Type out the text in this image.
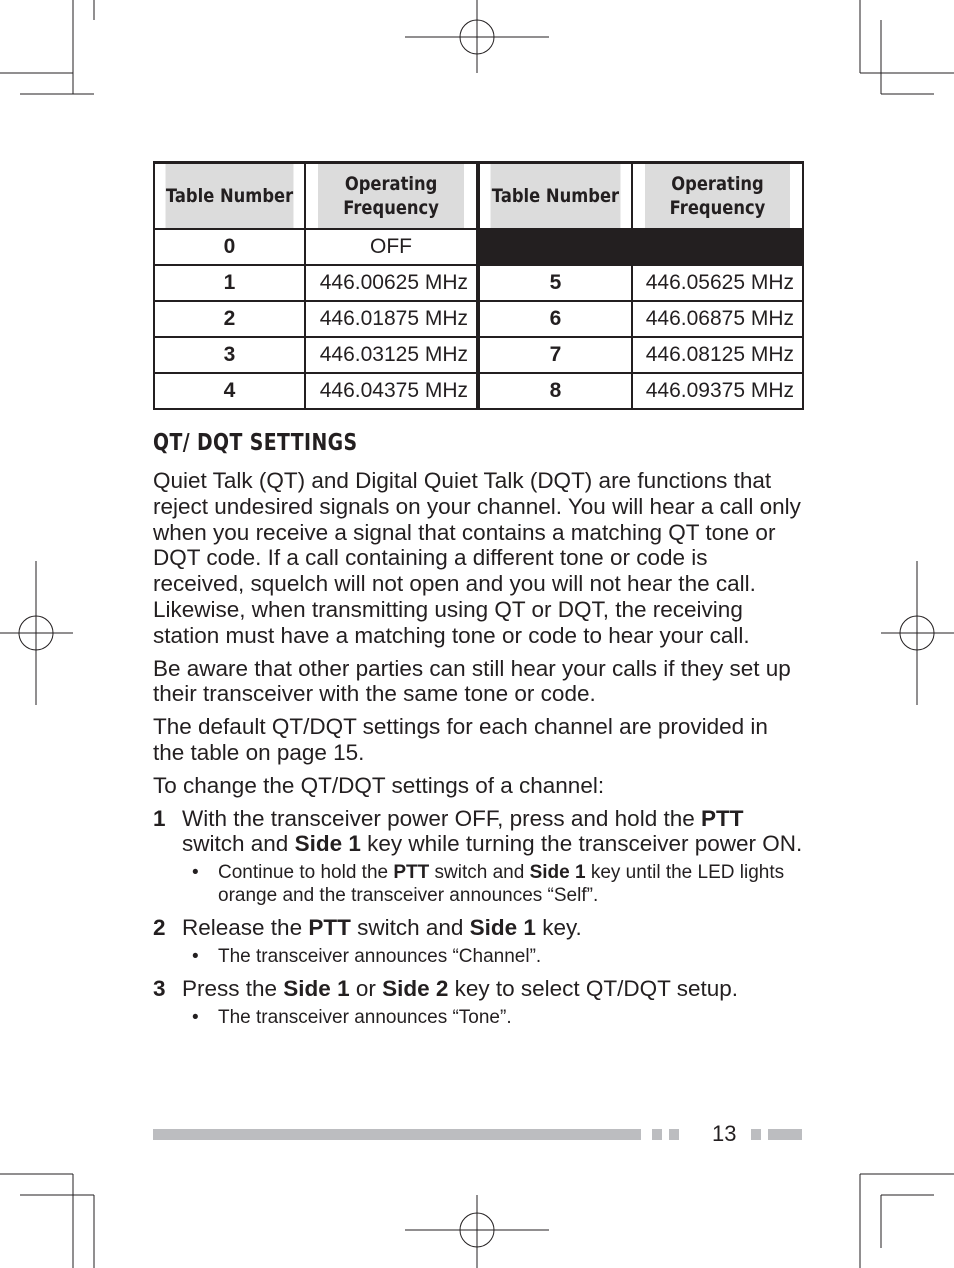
Table Number	Operating Frequency	Table Number	Operating Frequency
0	OFF		
1	446.00625 MHz	5	446.05625 MHz
2	446.01875 MHz	6	446.06875 MHz
3	446.03125 MHz	7	446.08125 MHz
4	446.04375 MHz	8	446.09375 MHz
QT/ DQT SETTINGS

Quiet Talk (QT) and Digital Quiet Talk (DQT) are functions that reject undesired signals on your channel. You will hear a call only when you receive a signal that contains a matching QT tone or DQT code. If a call containing a different tone or code is received, squelch will not open and you will not hear the call. Likewise, when transmitting using QT or DQT, the receiving station must have a matching tone or code to hear your call.

Be aware that other parties can still hear your calls if they set up their transceiver with the same tone or code.

The default QT/DQT settings for each channel are provided in the table on page 15.

To change the QT/DQT settings of a channel:

1 With the transceiver power OFF, press and hold the PTT switch and Side 1 key while turning the transceiver power ON.
•	Continue to hold the PTT switch and Side 1 key until the LED lights orange and the transceiver announces “Self”.
2 Release the PTT switch and Side 1 key.
•	The transceiver announces “Channel”.
3 Press the Side 1 or Side 2 key to select QT/DQT setup.
•	The transceiver announces “Tone”.
13
